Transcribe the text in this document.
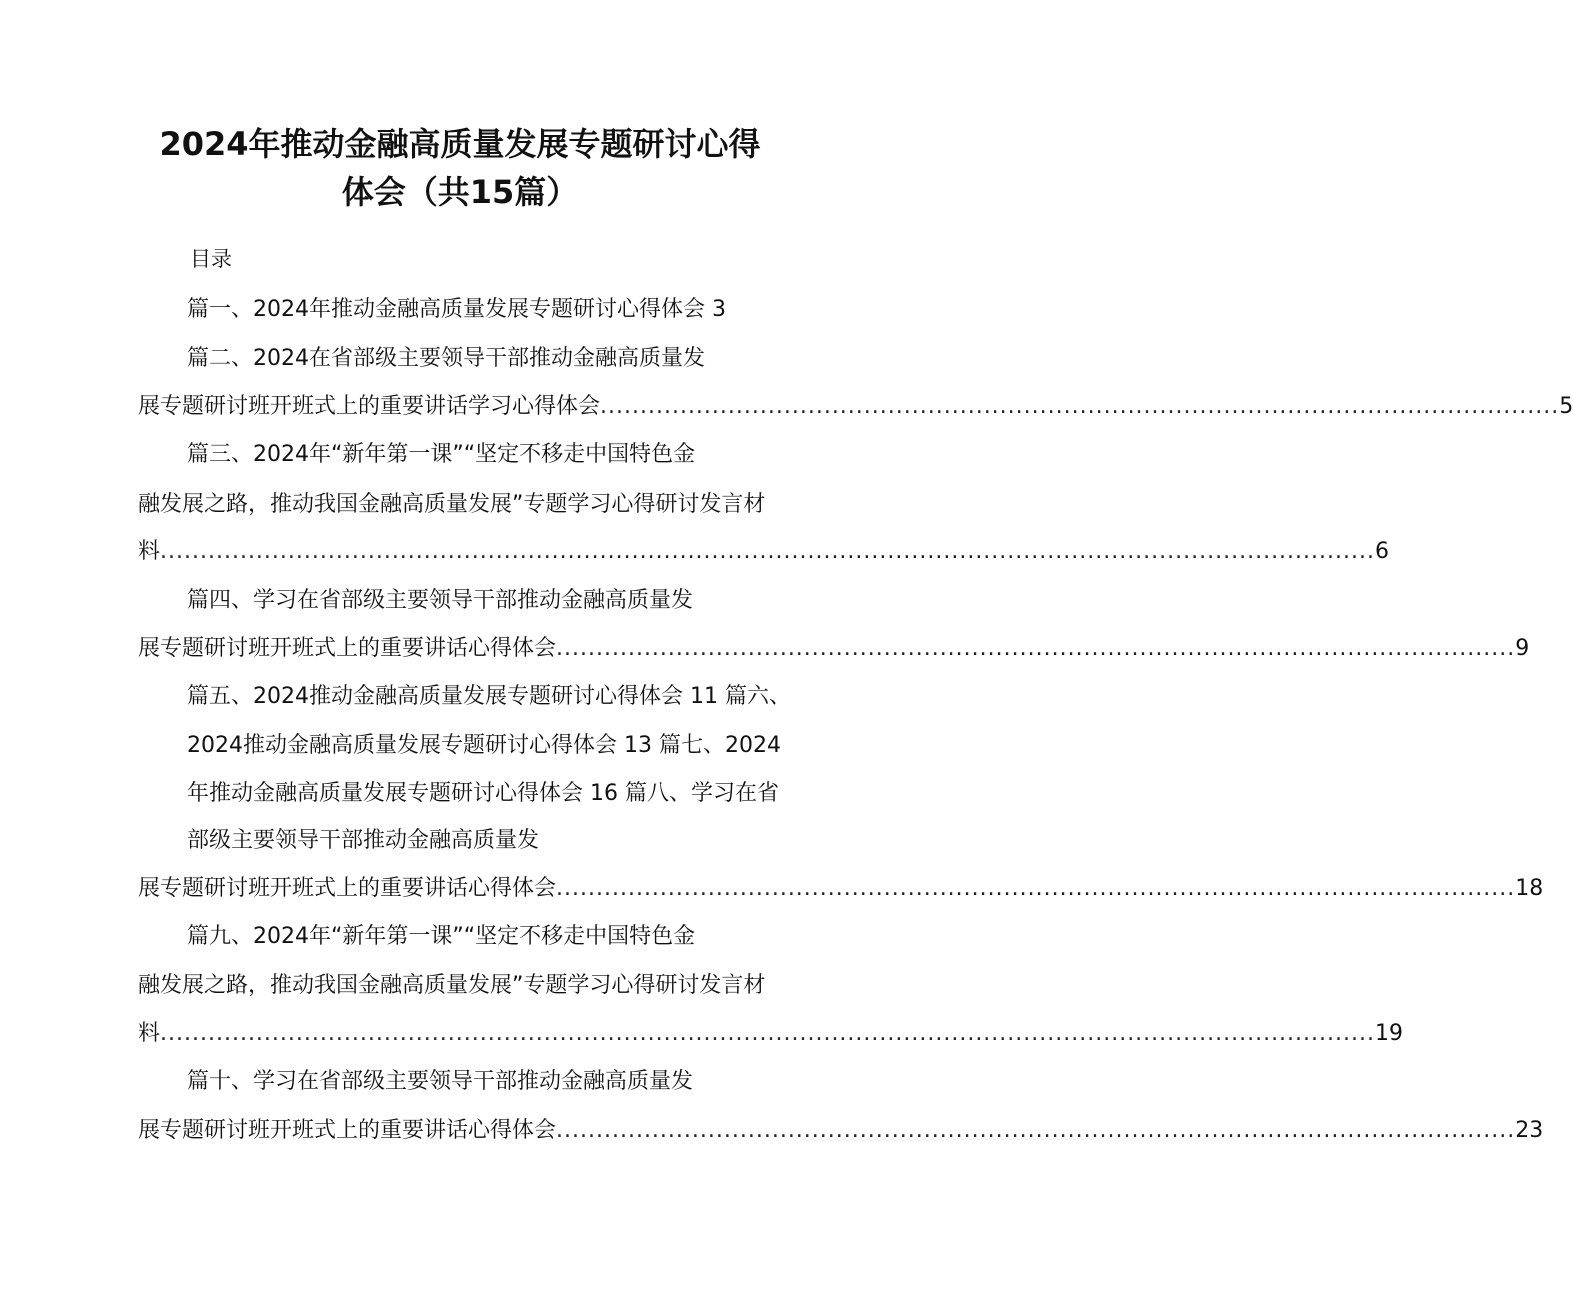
2024年推动金融高质量发展专题研讨心得
体会（共15篇）
目录
篇一、2024年推动金融高质量发展专题研讨心得体会 3
篇二、2024在省部级主要领导干部推动金融高质量发
展专题研讨班开班式上的重要讲话学习心得体会 ........................................................................................................................ 5
篇三、2024年“新年第一课”“坚定不移走中国特色金
融发展之路，推动我国金融高质量发展”专题学习心得研讨发言材
料 ........................................................................................................................................................ 6
篇四、学习在省部级主要领导干部推动金融高质量发
展专题研讨班开班式上的重要讲话心得体会 ........................................................................................................................ 9
篇五、2024推动金融高质量发展专题研讨心得体会 11 篇六、
2024推动金融高质量发展专题研讨心得体会 13 篇七、2024
年推动金融高质量发展专题研讨心得体会 16 篇八、学习在省
部级主要领导干部推动金融高质量发
展专题研讨班开班式上的重要讲话心得体会 ........................................................................................................................ 18
篇九、2024年“新年第一课”“坚定不移走中国特色金
融发展之路，推动我国金融高质量发展”专题学习心得研讨发言材
料 ........................................................................................................................................................ 19
篇十、学习在省部级主要领导干部推动金融高质量发
展专题研讨班开班式上的重要讲话心得体会 ........................................................................................................................ 23
